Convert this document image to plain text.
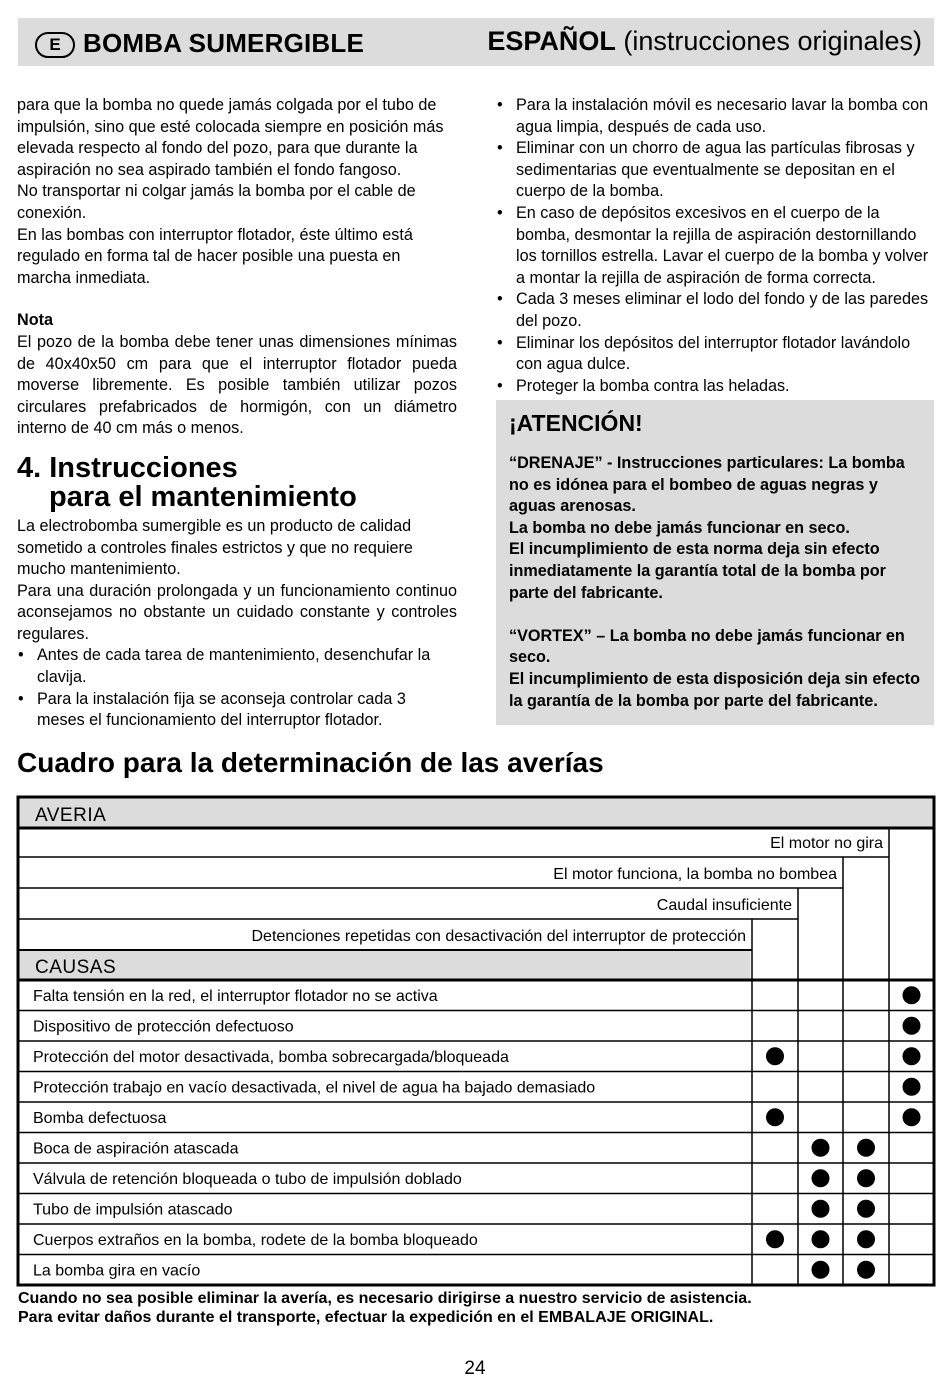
E BOMBA SUMERGIBLE	ESPAÑOL (instrucciones originales)

para que la bomba no quede jamás colgada por el tubo de impulsión, sino que esté colocada siempre en posición más elevada respecto al fondo del pozo, para que durante la aspiración no sea aspirado también el fondo fangoso.

No transportar ni colgar jamás la bomba por el cable de conexión.

En las bombas con interruptor flotador, éste último está regulado en forma tal de hacer posible una puesta en marcha inmediata.

Nota

El pozo de la bomba debe tener unas dimensiones mínimas de 40x40x50 cm para que el interruptor flotador pueda moverse libremente. Es posible también utilizar pozos circulares prefabricados de hormigón, con un diámetro interno de 40 cm más o menos.

4. Instrucciones
para el mantenimiento

La electrobomba sumergible es un producto de calidad sometido a controles finales estrictos y que no requiere mucho mantenimiento.

Para una duración prolongada y un funcionamiento continuo aconsejamos no obstante un cuidado constante y controles regulares.

• Antes de cada tarea de mantenimiento, desenchufar la clavija.
• Para la instalación fija se aconseja controlar cada 3 meses el funcionamiento del interruptor flotador.
• Para la instalación móvil es necesario lavar la bomba con agua limpia, después de cada uso.
• Eliminar con un chorro de agua las partículas fibrosas y sedimentarias que eventualmente se depositan en el cuerpo de la bomba.
• En caso de depósitos excesivos en el cuerpo de la bomba, desmontar la rejilla de aspiración destornillando los tornillos estrella. Lavar el cuerpo de la bomba y volver a montar la rejilla de aspiración de forma correcta.
• Cada 3 meses eliminar el lodo del fondo y de las paredes del pozo.
• Eliminar los depósitos del interruptor flotador lavándolo con agua dulce.
• Proteger la bomba contra las heladas.
¡ATENCIÓN!

“DRENAJE” - Instrucciones particulares: La bomba no es idónea para el bombeo de aguas negras y aguas arenosas.

La bomba no debe jamás funcionar en seco.

El incumplimiento de esta norma deja sin efecto inmediatamente la garantía total de la bomba por parte del fabricante.

“VORTEX” – La bomba no debe jamás funcionar en seco.

El incumplimiento de esta disposición deja sin efecto la garantía de la bomba por parte del fabricante.

Cuadro para la determinación de las averías
AVERIA
CAUSAS
El motor no gira
El motor funciona, la bomba no bombea
Caudal insuficiente
Detenciones repetidas con desactivación del interruptor de protección
Falta tensión en la red, el interruptor flotador no se activa
Dispositivo de protección defectuoso
Protección del motor desactivada, bomba sobrecargada/bloqueada
Protección trabajo en vacío desactivada, el nivel de agua ha bajado demasiado
Bomba defectuosa
Boca de aspiración atascada
Válvula de retención bloqueada o tubo de impulsión doblado
Tubo de impulsión atascado
Cuerpos extraños en la bomba, rodete de la bomba bloqueado
La bomba gira en vacío
Cuando no sea posible eliminar la avería, es necesario dirigirse a nuestro servicio de asistencia.
Para evitar daños durante el transporte, efectuar la expedición en el EMBALAJE ORIGINAL.
24
